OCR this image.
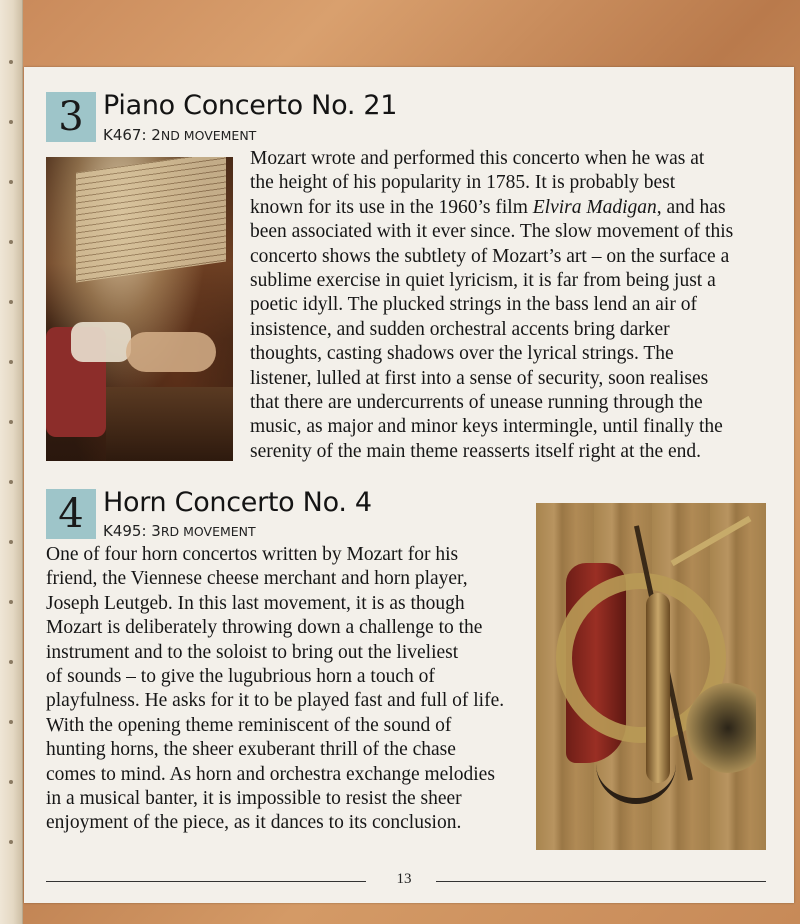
3 Piano Concerto No. 21
K467: 2ND MOVEMENT
Mozart wrote and performed this concerto when he was at
the height of his popularity in 1785. It is probably best
known for its use in the 1960’s film Elvira Madigan, and has
been associated with it ever since. The slow movement of this
concerto shows the subtlety of Mozart’s art – on the surface a
sublime exercise in quiet lyricism, it is far from being just a
poetic idyll. The plucked strings in the bass lend an air of
insistence, and sudden orchestral accents bring darker
thoughts, casting shadows over the lyrical strings. The
listener, lulled at first into a sense of security, soon realises
that there are undercurrents of unease running through the
music, as major and minor keys intermingle, until finally the
serenity of the main theme reasserts itself right at the end.
4 Horn Concerto No. 4
K495: 3RD MOVEMENT
One of four horn concertos written by Mozart for his
friend, the Viennese cheese merchant and horn player,
Joseph Leutgeb. In this last movement, it is as though
Mozart is deliberately throwing down a challenge to the
instrument and to the soloist to bring out the liveliest
of sounds – to give the lugubrious horn a touch of
playfulness. He asks for it to be played fast and full of life.
With the opening theme reminiscent of the sound of
hunting horns, the sheer exuberant thrill of the chase
comes to mind. As horn and orchestra exchange melodies
in a musical banter, it is impossible to resist the sheer
enjoyment of the piece, as it dances to its conclusion.
13
